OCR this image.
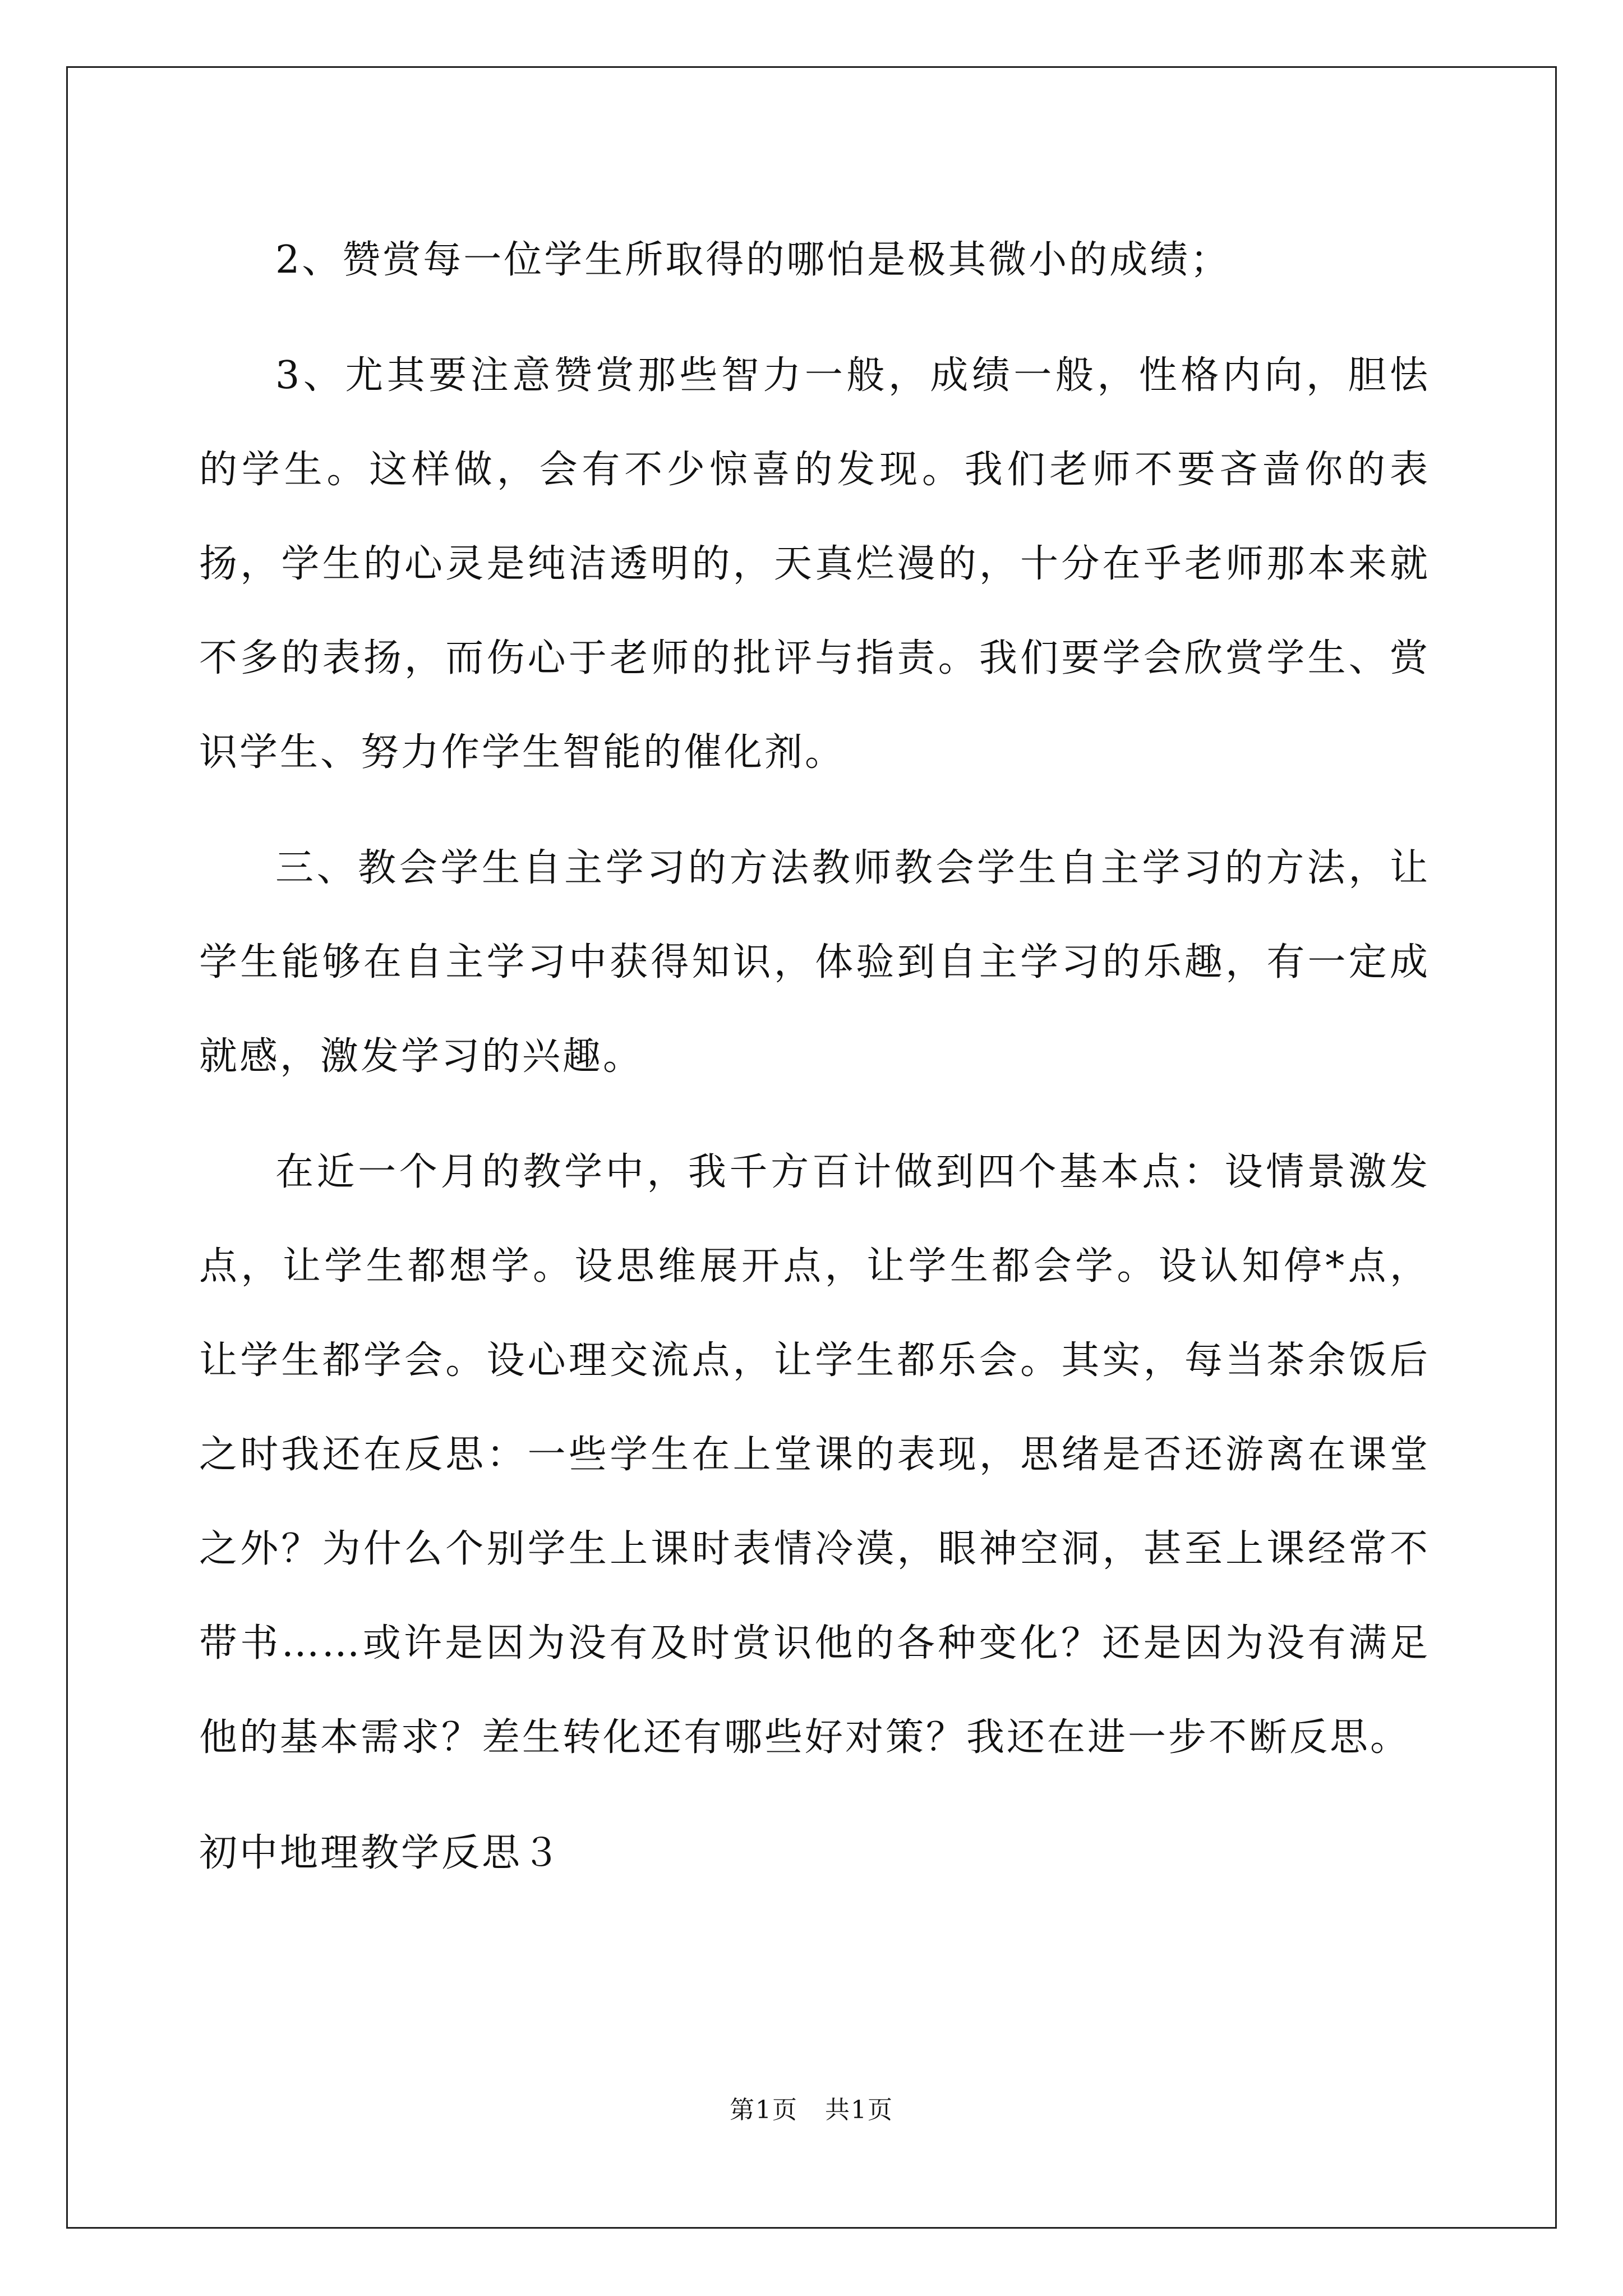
2、赞赏每一位学生所取得的哪怕是极其微小的成绩；

3、尤其要注意赞赏那些智力一般，成绩一般，性格内向，胆怯的学生。这样做，会有不少惊喜的发现。我们老师不要吝啬你的表扬，学生的心灵是纯洁透明的，天真烂漫的，十分在乎老师那本来就不多的表扬，而伤心于老师的批评与指责。我们要学会欣赏学生、赏识学生、努力作学生智能的催化剂。

三、教会学生自主学习的方法教师教会学生自主学习的方法，让学生能够在自主学习中获得知识，体验到自主学习的乐趣，有一定成就感，激发学习的兴趣。

在近一个月的教学中，我千方百计做到四个基本点：设情景激发点，让学生都想学。设思维展开点，让学生都会学。设认知停*点，让学生都学会。设心理交流点，让学生都乐会。其实，每当茶余饭后之时我还在反思：一些学生在上堂课的表现，思绪是否还游离在课堂之外？为什么个别学生上课时表情冷漠，眼神空洞，甚至上课经常不带书……或许是因为没有及时赏识他的各种变化？还是因为没有满足他的基本需求？差生转化还有哪些好对策？我还在进一步不断反思。

初中地理教学反思３

第1页 共1页
